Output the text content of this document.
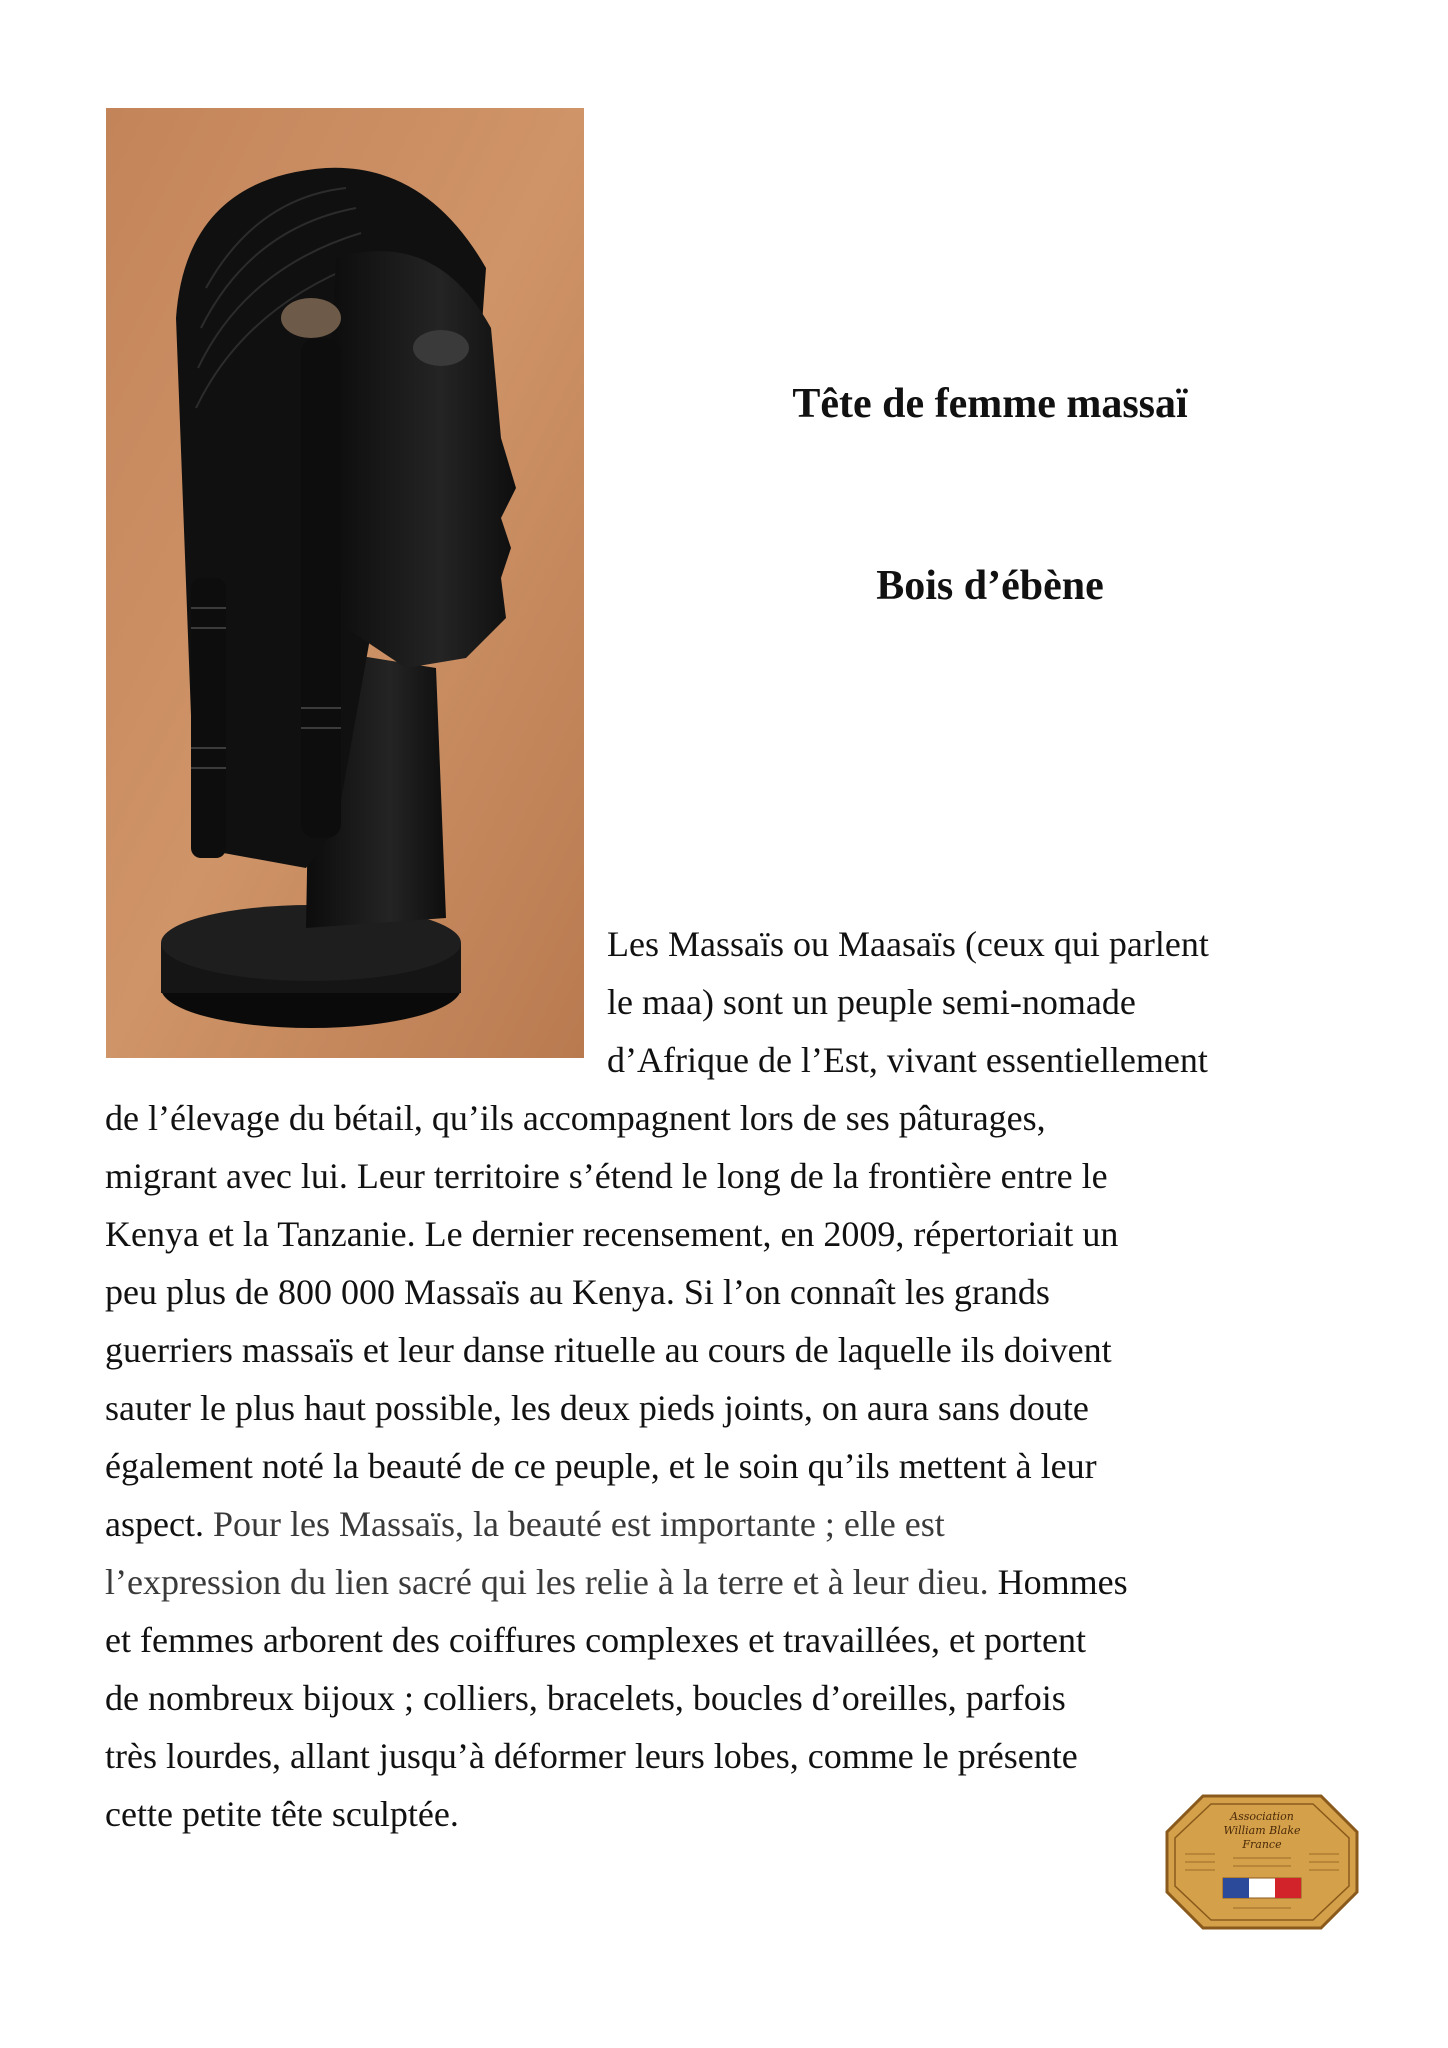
Tête de femme massaï
Bois d’ébène
Les Massaïs ou Maasaïs (ceux qui parlent
le maa) sont un peuple semi-nomade
d’Afrique de l’Est, vivant essentiellement
de l’élevage du bétail, qu’ils accompagnent lors de ses pâturages,
migrant avec lui. Leur territoire s’étend le long de la frontière entre le
Kenya et la Tanzanie. Le dernier recensement, en 2009, répertoriait un
peu plus de 800 000 Massaïs au Kenya. Si l’on connaît les grands
guerriers massaïs et leur danse rituelle au cours de laquelle ils doivent
sauter le plus haut possible, les deux pieds joints, on aura sans doute
également noté la beauté de ce peuple, et le soin qu’ils mettent à leur
aspect. Pour les Massaïs, la beauté est importante ; elle est
l’expression du lien sacré qui les relie à la terre et à leur dieu. Hommes
et femmes arborent des coiffures complexes et travaillées, et portent
de nombreux bijoux ; colliers, bracelets, boucles d’oreilles, parfois
très lourdes, allant jusqu’à déformer leurs lobes, comme le présente
cette petite tête sculptée.	Association
William Blake
France
